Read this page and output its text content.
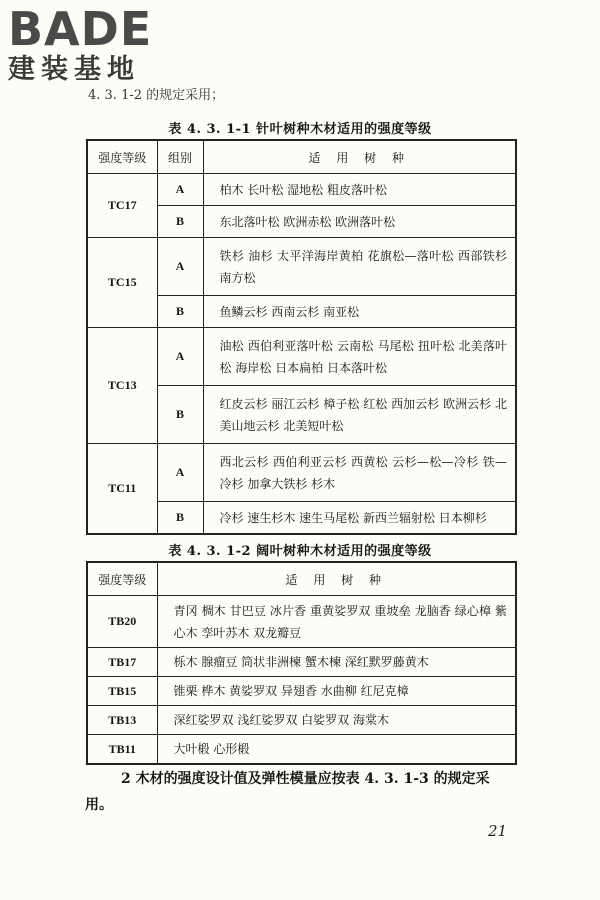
BADE
建装基地
4. 3. 1-2 的规定采用；
表 4. 3. 1-1 针叶树种木材适用的强度等级
强度等级	组别	适 用 树 种
TC17	A	柏木 长叶松 湿地松 粗皮落叶松
	B	东北落叶松 欧洲赤松 欧洲落叶松
TC15	A	铁杉 油杉 太平洋海岸黄柏 花旗松—落叶松 西部铁杉 南方松
	B	鱼鳞云杉 西南云杉 南亚松
TC13	A	油松 西伯利亚落叶松 云南松 马尾松 扭叶松 北美落叶松 海岸松 日本扁柏 日本落叶松
	B	红皮云杉 丽江云杉 樟子松 红松 西加云杉 欧洲云杉 北美山地云杉 北美短叶松
TC11	A	西北云杉 西伯利亚云杉 西黄松 云杉—松—冷杉 铁—冷杉 加拿大铁杉 杉木
	B	冷杉 速生杉木 速生马尾松 新西兰辐射松 日本柳杉
表 4. 3. 1-2 阔叶树种木材适用的强度等级
强度等级	适 用 树 种
TB20	青冈 椆木 甘巴豆 冰片香 重黄娑罗双 重坡垒 龙脑香 绿心樟 紫心木 孪叶苏木 双龙瓣豆
TB17	栎木 腺瘤豆 筒状非洲楝 蟹木楝 深红默罗藤黄木
TB15	锥栗 桦木 黄娑罗双 异翅香 水曲柳 红尼克樟
TB13	深红娑罗双 浅红娑罗双 白娑罗双 海棠木
TB11	大叶椴 心形椴
2 木材的强度设计值及弹性模量应按表 4. 3. 1-3 的规定采用。
21
